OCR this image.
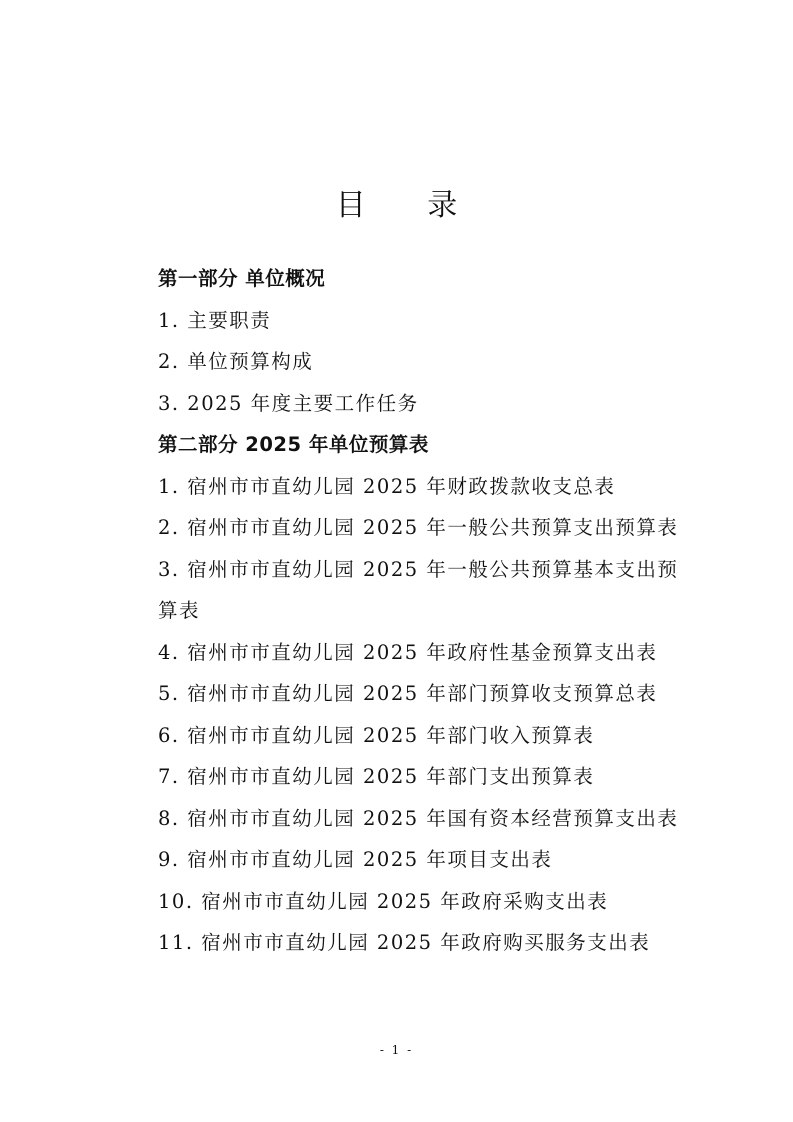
目 录
第一部分 单位概况
1. 主要职责
2. 单位预算构成
3. 2025 年度主要工作任务
第二部分 2025 年单位预算表
1. 宿州市市直幼儿园 2025 年财政拨款收支总表
2. 宿州市市直幼儿园 2025 年一般公共预算支出预算表
3. 宿州市市直幼儿园 2025 年一般公共预算基本支出预算表
4. 宿州市市直幼儿园 2025 年政府性基金预算支出表
5. 宿州市市直幼儿园 2025 年部门预算收支预算总表
6. 宿州市市直幼儿园 2025 年部门收入预算表
7. 宿州市市直幼儿园 2025 年部门支出预算表
8. 宿州市市直幼儿园 2025 年国有资本经营预算支出表
9. 宿州市市直幼儿园 2025 年项目支出表
10. 宿州市市直幼儿园 2025 年政府采购支出表
11. 宿州市市直幼儿园 2025 年政府购买服务支出表
- 1 -
